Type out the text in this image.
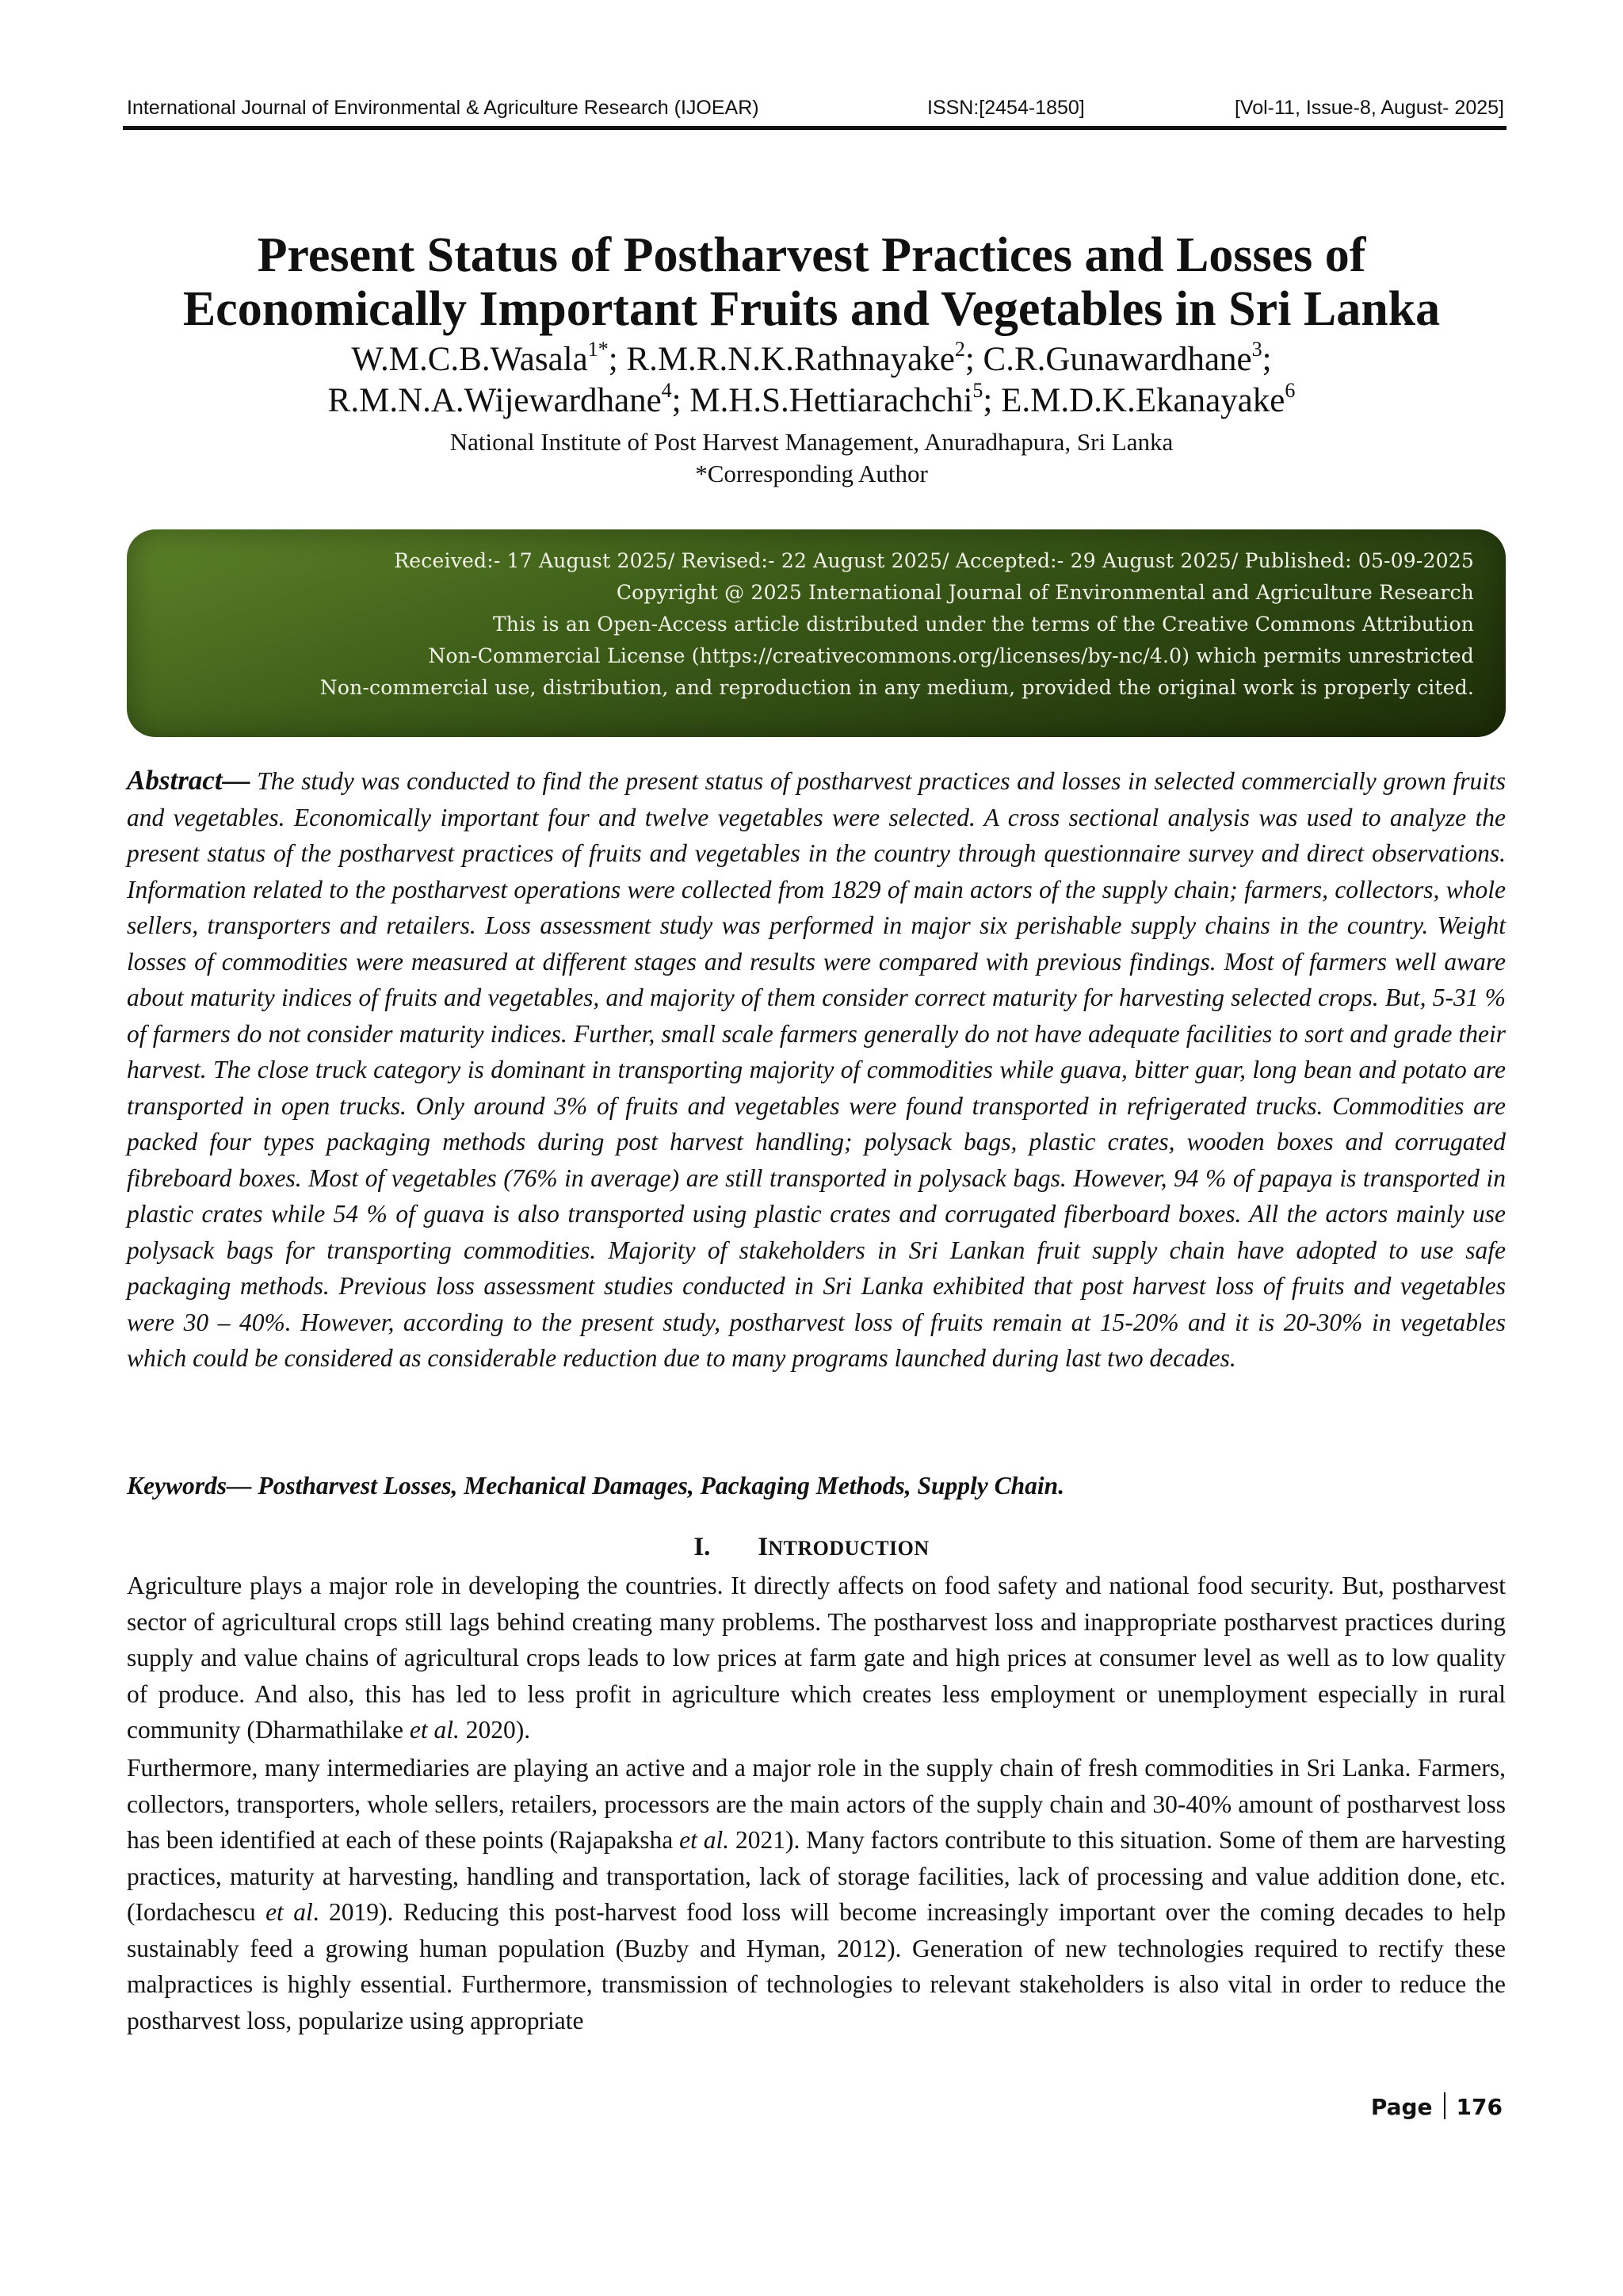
International Journal of Environmental & Agriculture Research (IJOEAR)	ISSN:[2454-1850]	[Vol-11, Issue-8, August- 2025]
Present Status of Postharvest Practices and Losses of
Economically Important Fruits and Vegetables in Sri Lanka
W.M.C.B.Wasala$^{1*}$; R.M.R.N.K.Rathnayake$^2$; C.R.Gunawardhane$^3$;
R.M.N.A.Wijewardhane$^4$; M.H.S.Hettiarachchi$^5$; E.M.D.K.Ekanayake$^6$
National Institute of Post Harvest Management, Anuradhapura, Sri Lanka
*Corresponding Author
Received:- 17 August 2025/ Revised:- 22 August 2025/ Accepted:- 29 August 2025/ Published: 05-09-2025
Copyright @ 2025 International Journal of Environmental and Agriculture Research
This is an Open-Access article distributed under the terms of the Creative Commons Attribution
Non-Commercial License (https://creativecommons.org/licenses/by-nc/4.0) which permits unrestricted
Non-commercial use, distribution, and reproduction in any medium, provided the original work is properly cited.
Abstract— The study was conducted to find the present status of postharvest practices and losses in selected commercially grown fruits and vegetables. Economically important four and twelve vegetables were selected. A cross sectional analysis was used to analyze the present status of the postharvest practices of fruits and vegetables in the country through questionnaire survey and direct observations. Information related to the postharvest operations were collected from 1829 of main actors of the supply chain; farmers, collectors, whole sellers, transporters and retailers. Loss assessment study was performed in major six perishable supply chains in the country. Weight losses of commodities were measured at different stages and results were compared with previous findings. Most of farmers well aware about maturity indices of fruits and vegetables, and majority of them consider correct maturity for harvesting selected crops. But, 5-31 % of farmers do not consider maturity indices. Further, small scale farmers generally do not have adequate facilities to sort and grade their harvest. The close truck category is dominant in transporting majority of commodities while guava, bitter guar, long bean and potato are transported in open trucks. Only around 3% of fruits and vegetables were found transported in refrigerated trucks. Commodities are packed four types packaging methods during post harvest handling; polysack bags, plastic crates, wooden boxes and corrugated fibreboard boxes. Most of vegetables (76% in average) are still transported in polysack bags. However, 94 % of papaya is transported in plastic crates while 54 % of guava is also transported using plastic crates and corrugated fiberboard boxes. All the actors mainly use polysack bags for transporting commodities. Majority of stakeholders in Sri Lankan fruit supply chain have adopted to use safe packaging methods. Previous loss assessment studies conducted in Sri Lanka exhibited that post harvest loss of fruits and vegetables were 30 – 40%. However, according to the present study, postharvest loss of fruits remain at 15-20% and it is 20-30% in vegetables which could be considered as considerable reduction due to many programs launched during last two decades.
Keywords— Postharvest Losses, Mechanical Damages, Packaging Methods, Supply Chain.
I. INTRODUCTION
Agriculture plays a major role in developing the countries. It directly affects on food safety and national food security. But, postharvest sector of agricultural crops still lags behind creating many problems. The postharvest loss and inappropriate postharvest practices during supply and value chains of agricultural crops leads to low prices at farm gate and high prices at consumer level as well as to low quality of produce. And also, this has led to less profit in agriculture which creates less employment or unemployment especially in rural community (Dharmathilake et al. 2020).
Furthermore, many intermediaries are playing an active and a major role in the supply chain of fresh commodities in Sri Lanka. Farmers, collectors, transporters, whole sellers, retailers, processors are the main actors of the supply chain and 30-40% amount of postharvest loss has been identified at each of these points (Rajapaksha et al. 2021). Many factors contribute to this situation. Some of them are harvesting practices, maturity at harvesting, handling and transportation, lack of storage facilities, lack of processing and value addition done, etc. (Iordachescu et al. 2019). Reducing this post-harvest food loss will become increasingly important over the coming decades to help sustainably feed a growing human population (Buzby and Hyman, 2012). Generation of new technologies required to rectify these malpractices is highly essential. Furthermore, transmission of technologies to relevant stakeholders is also vital in order to reduce the postharvest loss, popularize using appropriate
Page 176
